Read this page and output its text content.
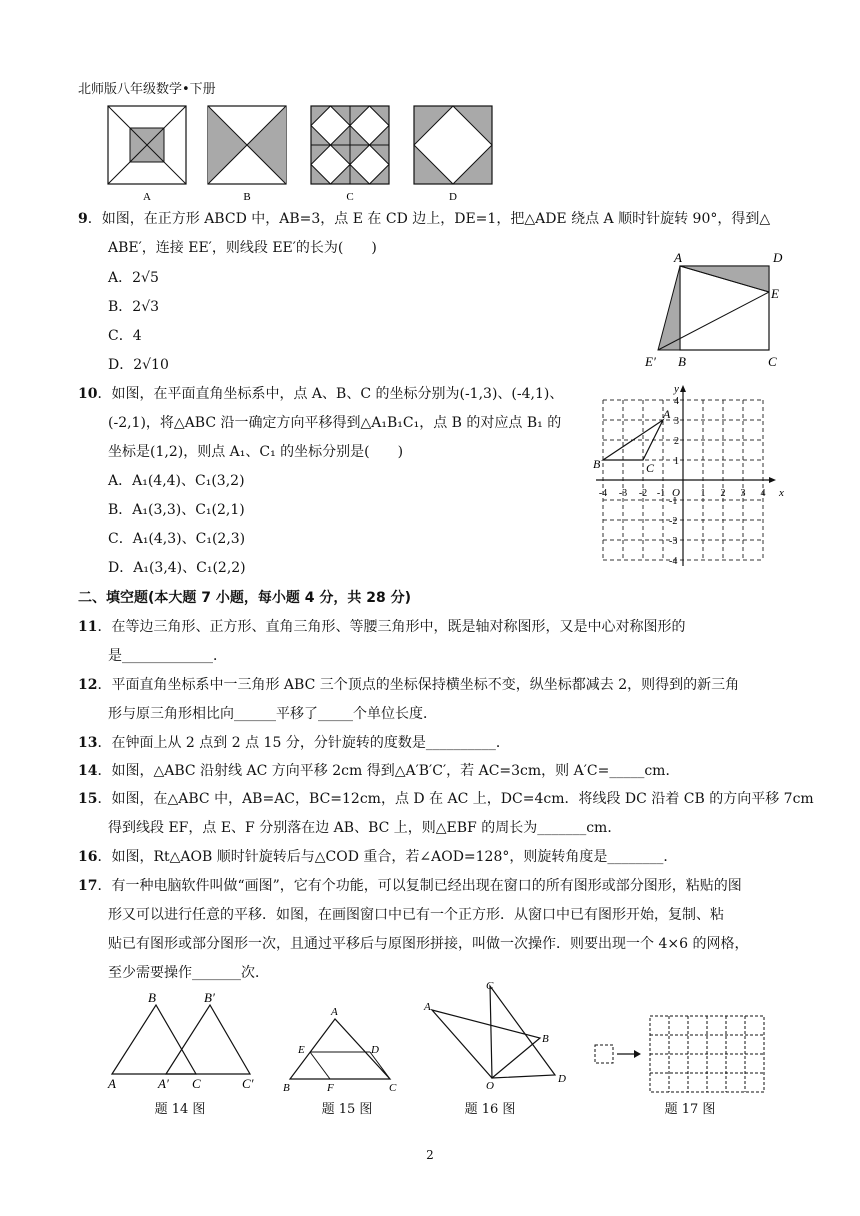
北师版八年级数学•下册
A	B	C	D
9．如图，在正方形 ABCD 中，AB=3，点 E 在 CD 边上，DE=1，把△ADE 绕点 A 顺时针旋转 90°，得到△
ABE′，连接 EE′，则线段 EE′的长为(　　)
A．2√5
B．2√3
C．4
D．2√10
A	D
E
E′ B	C
10．如图，在平面直角坐标系中，点 A、B、C 的坐标分别为(-1,3)、(-4,1)、
(-2,1)，将△ABC 沿一确定方向平移得到△A₁B₁C₁，点 B 的对应点 B₁ 的
坐标是(1,2)，则点 A₁、C₁ 的坐标分别是(　　)
A．A₁(4,4)、C₁(3,2)
B．A₁(3,3)、C₁(2,1)
C．A₁(4,3)、C₁(2,3)
D．A₁(3,4)、C₁(2,2)
x
y
O
-4 -3 -2 -1	1 2 3 4
4
3
2
1
-1
-2
-3
-4
A
B	C
二、填空题(本大题 7 小题，每小题 4 分，共 28 分)
11．在等边三角形、正方形、直角三角形、等腰三角形中，既是轴对称图形，又是中心对称图形的
是_____________．
12．平面直角坐标系中一三角形 ABC 三个顶点的坐标保持横坐标不变，纵坐标都减去 2，则得到的新三角
形与原三角形相比向______平移了_____个单位长度．
13．在钟面上从 2 点到 2 点 15 分，分针旋转的度数是__________．
14．如图，△ABC 沿射线 AC 方向平移 2cm 得到△A′B′C′，若 AC=3cm，则 A′C=_____cm．
15．如图，在△ABC 中，AB=AC，BC=12cm，点 D 在 AC 上，DC=4cm．将线段 DC 沿着 CB 的方向平移 7cm
得到线段 EF，点 E、F 分别落在边 AB、BC 上，则△EBF 的周长为_______cm．
16．如图，Rt△AOB 顺时针旋转后与△COD 重合，若∠AOD=128°，则旋转角度是________．
17．有一种电脑软件叫做“画图”，它有个功能，可以复制已经出现在窗口的所有图形或部分图形，粘贴的图
形又可以进行任意的平移．如图，在画图窗口中已有一个正方形．从窗口中已有图形开始，复制、粘
贴已有图形或部分图形一次，且通过平移后与原图形拼接，叫做一次操作．则要出现一个 4×6 的网格，
至少需要操作_______次．
B	B′
A	A′ C	C′
题 14 图
A
E	D
B	F	C
题 15 图
A
C
B
O
D
题 16 图	题 17 图
2
